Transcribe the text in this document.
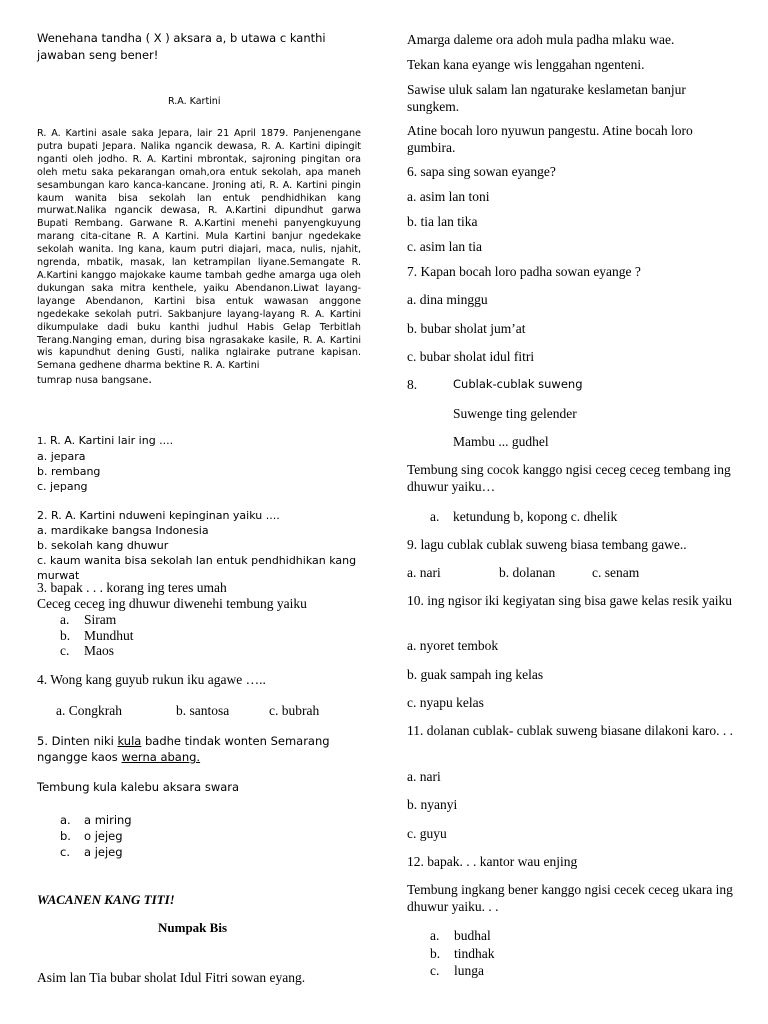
Wenehana tandha ( X ) aksara a, b utawa c kanthi jawaban seng bener!

R.A. Kartini

R. A. Kartini asale saka Jepara, lair 21 April 1879. Panjenengane putra bupati Jepara. Nalika ngancik dewasa, R. A. Kartini dipingit nganti oleh jodho. R. A. Kartini mbrontak, sajroning pingitan ora oleh metu saka pekarangan omah,ora entuk sekolah, apa maneh sesambungan karo kanca-kancane. Jroning ati, R. A. Kartini pingin kaum wanita bisa sekolah lan entuk pendhidhikan kang murwat.Nalika ngancik dewasa, R. A.Kartini dipundhut garwa Bupati Rembang. Garwane R. A.Kartini menehi panyengkuyung marang cita-citane R. A Kartini. Mula Kartini banjur ngedekake sekolah wanita. Ing kana, kaum putri diajari, maca, nulis, njahit, ngrenda, mbatik, masak, lan ketrampilan liyane.Semangate R. A.Kartini kanggo majokake kaume tambah gedhe amarga uga oleh dukungan saka mitra kenthele, yaiku Abendanon.Liwat layang-layange Abendanon, Kartini bisa entuk wawasan anggone ngedekake sekolah putri. Sakbanjure layang-layang R. A. Kartini dikumpulake dadi buku kanthi judhul Habis Gelap Terbitlah Terang.Nanging eman, during bisa ngrasakake kasile, R. A. Kartini wis kapundhut dening Gusti, nalika nglairake putrane kapisan. Semana gedhene dharma bektine R. A. Kartini
tumrap nusa bangsane.

1. R. A. Kartini lair ing ....
a. jepara
b. rembang
c. jepang
2. R. A. Kartini nduweni kepinginan yaiku ....
a. mardikake bangsa Indonesia
b. sekolah kang dhuwur
c. kaum wanita bisa sekolah lan entuk pendhidhikan kang murwat
3. bapak . . . korang ing teres umah
Ceceg ceceg ing dhuwur diwenehi tembung yaiku
a.	Siram
b.	Mundhut
c.	Maos

4. Wong kang guyub rukun iku agawe …..

a. Congkrah	b. santosa	c. bubrah

5. Dinten niki kula badhe tindak wonten Semarang ngangge kaos werna abang.

Tembung kula kalebu aksara swara

a.	a miring
b.	o jejeg
c.	a jejeg

WACANEN KANG TITI!

Numpak Bis

Asim lan Tia bubar sholat Idul Fitri sowan eyang.

Amarga daleme ora adoh mula padha mlaku wae.

Tekan kana eyange wis lenggahan ngenteni.

Sawise uluk salam lan ngaturake keslametan banjur sungkem.

Atine bocah loro nyuwun pangestu. Atine bocah loro gumbira.

6. sapa sing sowan eyange?

a. asim lan toni

b. tia lan tika

c. asim lan tia

7. Kapan bocah loro padha sowan eyange ?

a. dina minggu

b. bubar sholat jum’at

c. bubar sholat idul fitri

8.	Cublak-cublak suweng

Suwenge ting gelender

Mambu ... gudhel

Tembung sing cocok kanggo ngisi ceceg ceceg tembang ing dhuwur yaiku…

a.	ketundung b, kopong c. dhelik

9. lagu cublak cublak suweng biasa tembang gawe..

a. nari	b. dolanan	c. senam

10. ing ngisor iki kegiyatan sing bisa gawe kelas resik yaiku

a. nyoret tembok

b. guak sampah ing kelas

c. nyapu kelas

11. dolanan cublak- cublak suweng biasane dilakoni karo. . .

a. nari

b. nyanyi

c. guyu

12. bapak. . . kantor wau enjing

Tembung ingkang bener kanggo ngisi cecek ceceg ukara ing dhuwur yaiku. . .

a.	budhal
b.	tindhak
c.	lunga
